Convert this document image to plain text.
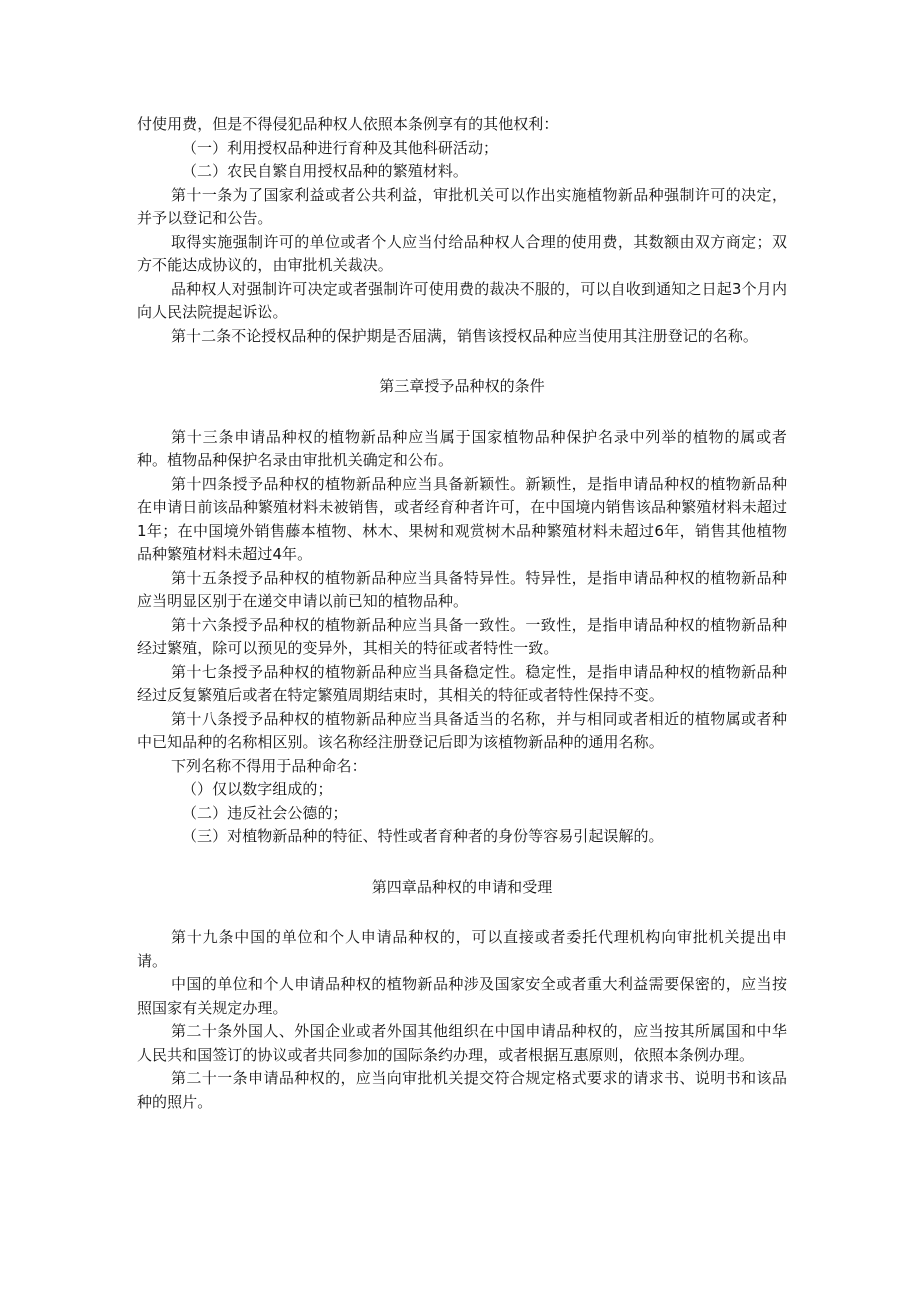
付使用费，但是不得侵犯品种权人依照本条例享有的其他权利：

（一）利用授权品种进行育种及其他科研活动；

（二）农民自繁自用授权品种的繁殖材料。

第十一条为了国家利益或者公共利益，审批机关可以作出实施植物新品种强制许可的决定，并予以登记和公告。

取得实施强制许可的单位或者个人应当付给品种权人合理的使用费，其数额由双方商定；双方不能达成协议的，由审批机关裁决。

品种权人对强制许可决定或者强制许可使用费的裁决不服的，可以自收到通知之日起3个月内向人民法院提起诉讼。

第十二条不论授权品种的保护期是否届满，销售该授权品种应当使用其注册登记的名称。

第三章授予品种权的条件

第十三条申请品种权的植物新品种应当属于国家植物品种保护名录中列举的植物的属或者种。植物品种保护名录由审批机关确定和公布。

第十四条授予品种权的植物新品种应当具备新颖性。新颖性，是指申请品种权的植物新品种在申请日前该品种繁殖材料未被销售，或者经育种者许可，在中国境内销售该品种繁殖材料未超过1年；在中国境外销售藤本植物、林木、果树和观赏树木品种繁殖材料未超过6年，销售其他植物品种繁殖材料未超过4年。

第十五条授予品种权的植物新品种应当具备特异性。特异性，是指申请品种权的植物新品种应当明显区别于在递交申请以前已知的植物品种。

第十六条授予品种权的植物新品种应当具备一致性。一致性，是指申请品种权的植物新品种经过繁殖，除可以预见的变异外，其相关的特征或者特性一致。

第十七条授予品种权的植物新品种应当具备稳定性。稳定性，是指申请品种权的植物新品种经过反复繁殖后或者在特定繁殖周期结束时，其相关的特征或者特性保持不变。

第十八条授予品种权的植物新品种应当具备适当的名称，并与相同或者相近的植物属或者种中已知品种的名称相区别。该名称经注册登记后即为该植物新品种的通用名称。

下列名称不得用于品种命名：

（）仅以数字组成的；

（二）违反社会公德的；

（三）对植物新品种的特征、特性或者育种者的身份等容易引起误解的。

第四章品种权的申请和受理

第十九条中国的单位和个人申请品种权的，可以直接或者委托代理机构向审批机关提出申请。

中国的单位和个人申请品种权的植物新品种涉及国家安全或者重大利益需要保密的，应当按照国家有关规定办理。

第二十条外国人、外国企业或者外国其他组织在中国申请品种权的，应当按其所属国和中华人民共和国签订的协议或者共同参加的国际条约办理，或者根据互惠原则，依照本条例办理。

第二十一条申请品种权的，应当向审批机关提交符合规定格式要求的请求书、说明书和该品种的照片。
